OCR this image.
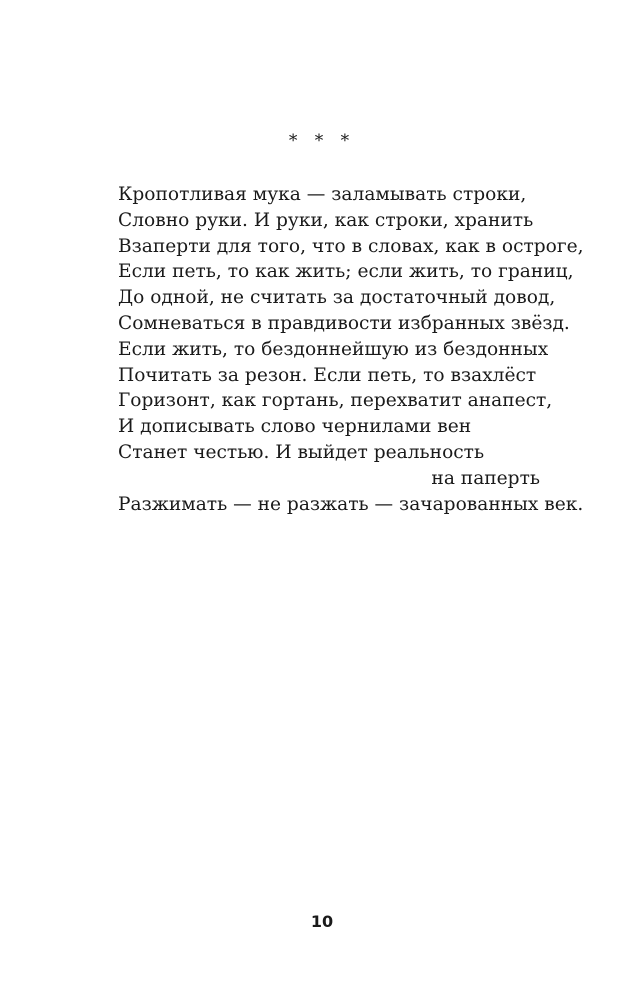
* * *
Кропотливая мука — заламывать строки,
Словно руки. И руки, как строки, хранить
Взаперти для того, что в словах, как в остроге,
Если петь, то как жить; если жить, то границ,
До одной, не считать за достаточный довод,
Сомневаться в правдивости избранных звёзд.
Если жить, то бездоннейшую из бездонных
Почитать за резон. Если петь, то взахлёст
Горизонт, как гортань, перехватит анапест,
И дописывать слово чернилами вен
Станет честью. И выйдет реальность
на паперть
Разжимать — не разжать — зачарованных век.
10
